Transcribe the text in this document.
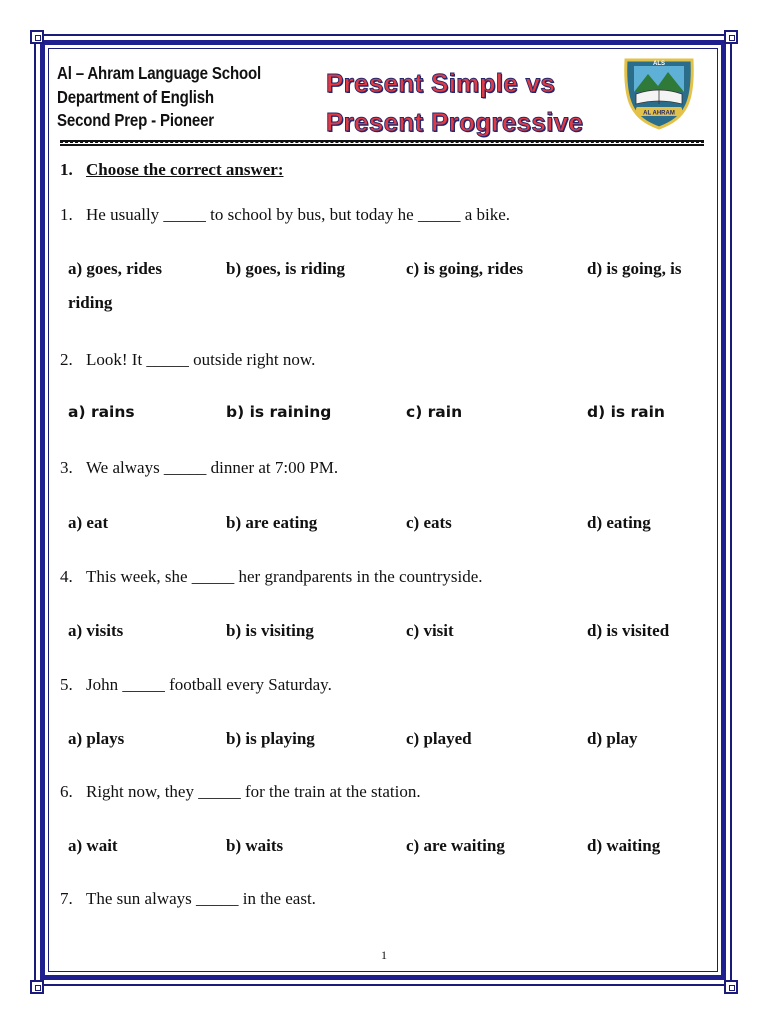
Al – Ahram Language School
Department of English
Second Prep - Pioneer
Present Simple vs
Present Progressive	AL AHRAM
ALS
1. Choose the correct answer:
1. He usually _____ to school by bus, but today he _____ a bike.
a) goes, rides	b) goes, is riding	c) is going, rides	d) is going, is
riding
2. Look! It _____ outside right now.
a) rains	b) is raining	c) rain	d) is rain
3. We always _____ dinner at 7:00 PM.
a) eat	b) are eating	c) eats	d) eating
4. This week, she _____ her grandparents in the countryside.
a) visits	b) is visiting	c) visit	d) is visited
5. John _____ football every Saturday.
a) plays	b) is playing	c) played	d) play
6. Right now, they _____ for the train at the station.
a) wait	b) waits	c) are waiting	d) waiting
7. The sun always _____ in the east.
1
